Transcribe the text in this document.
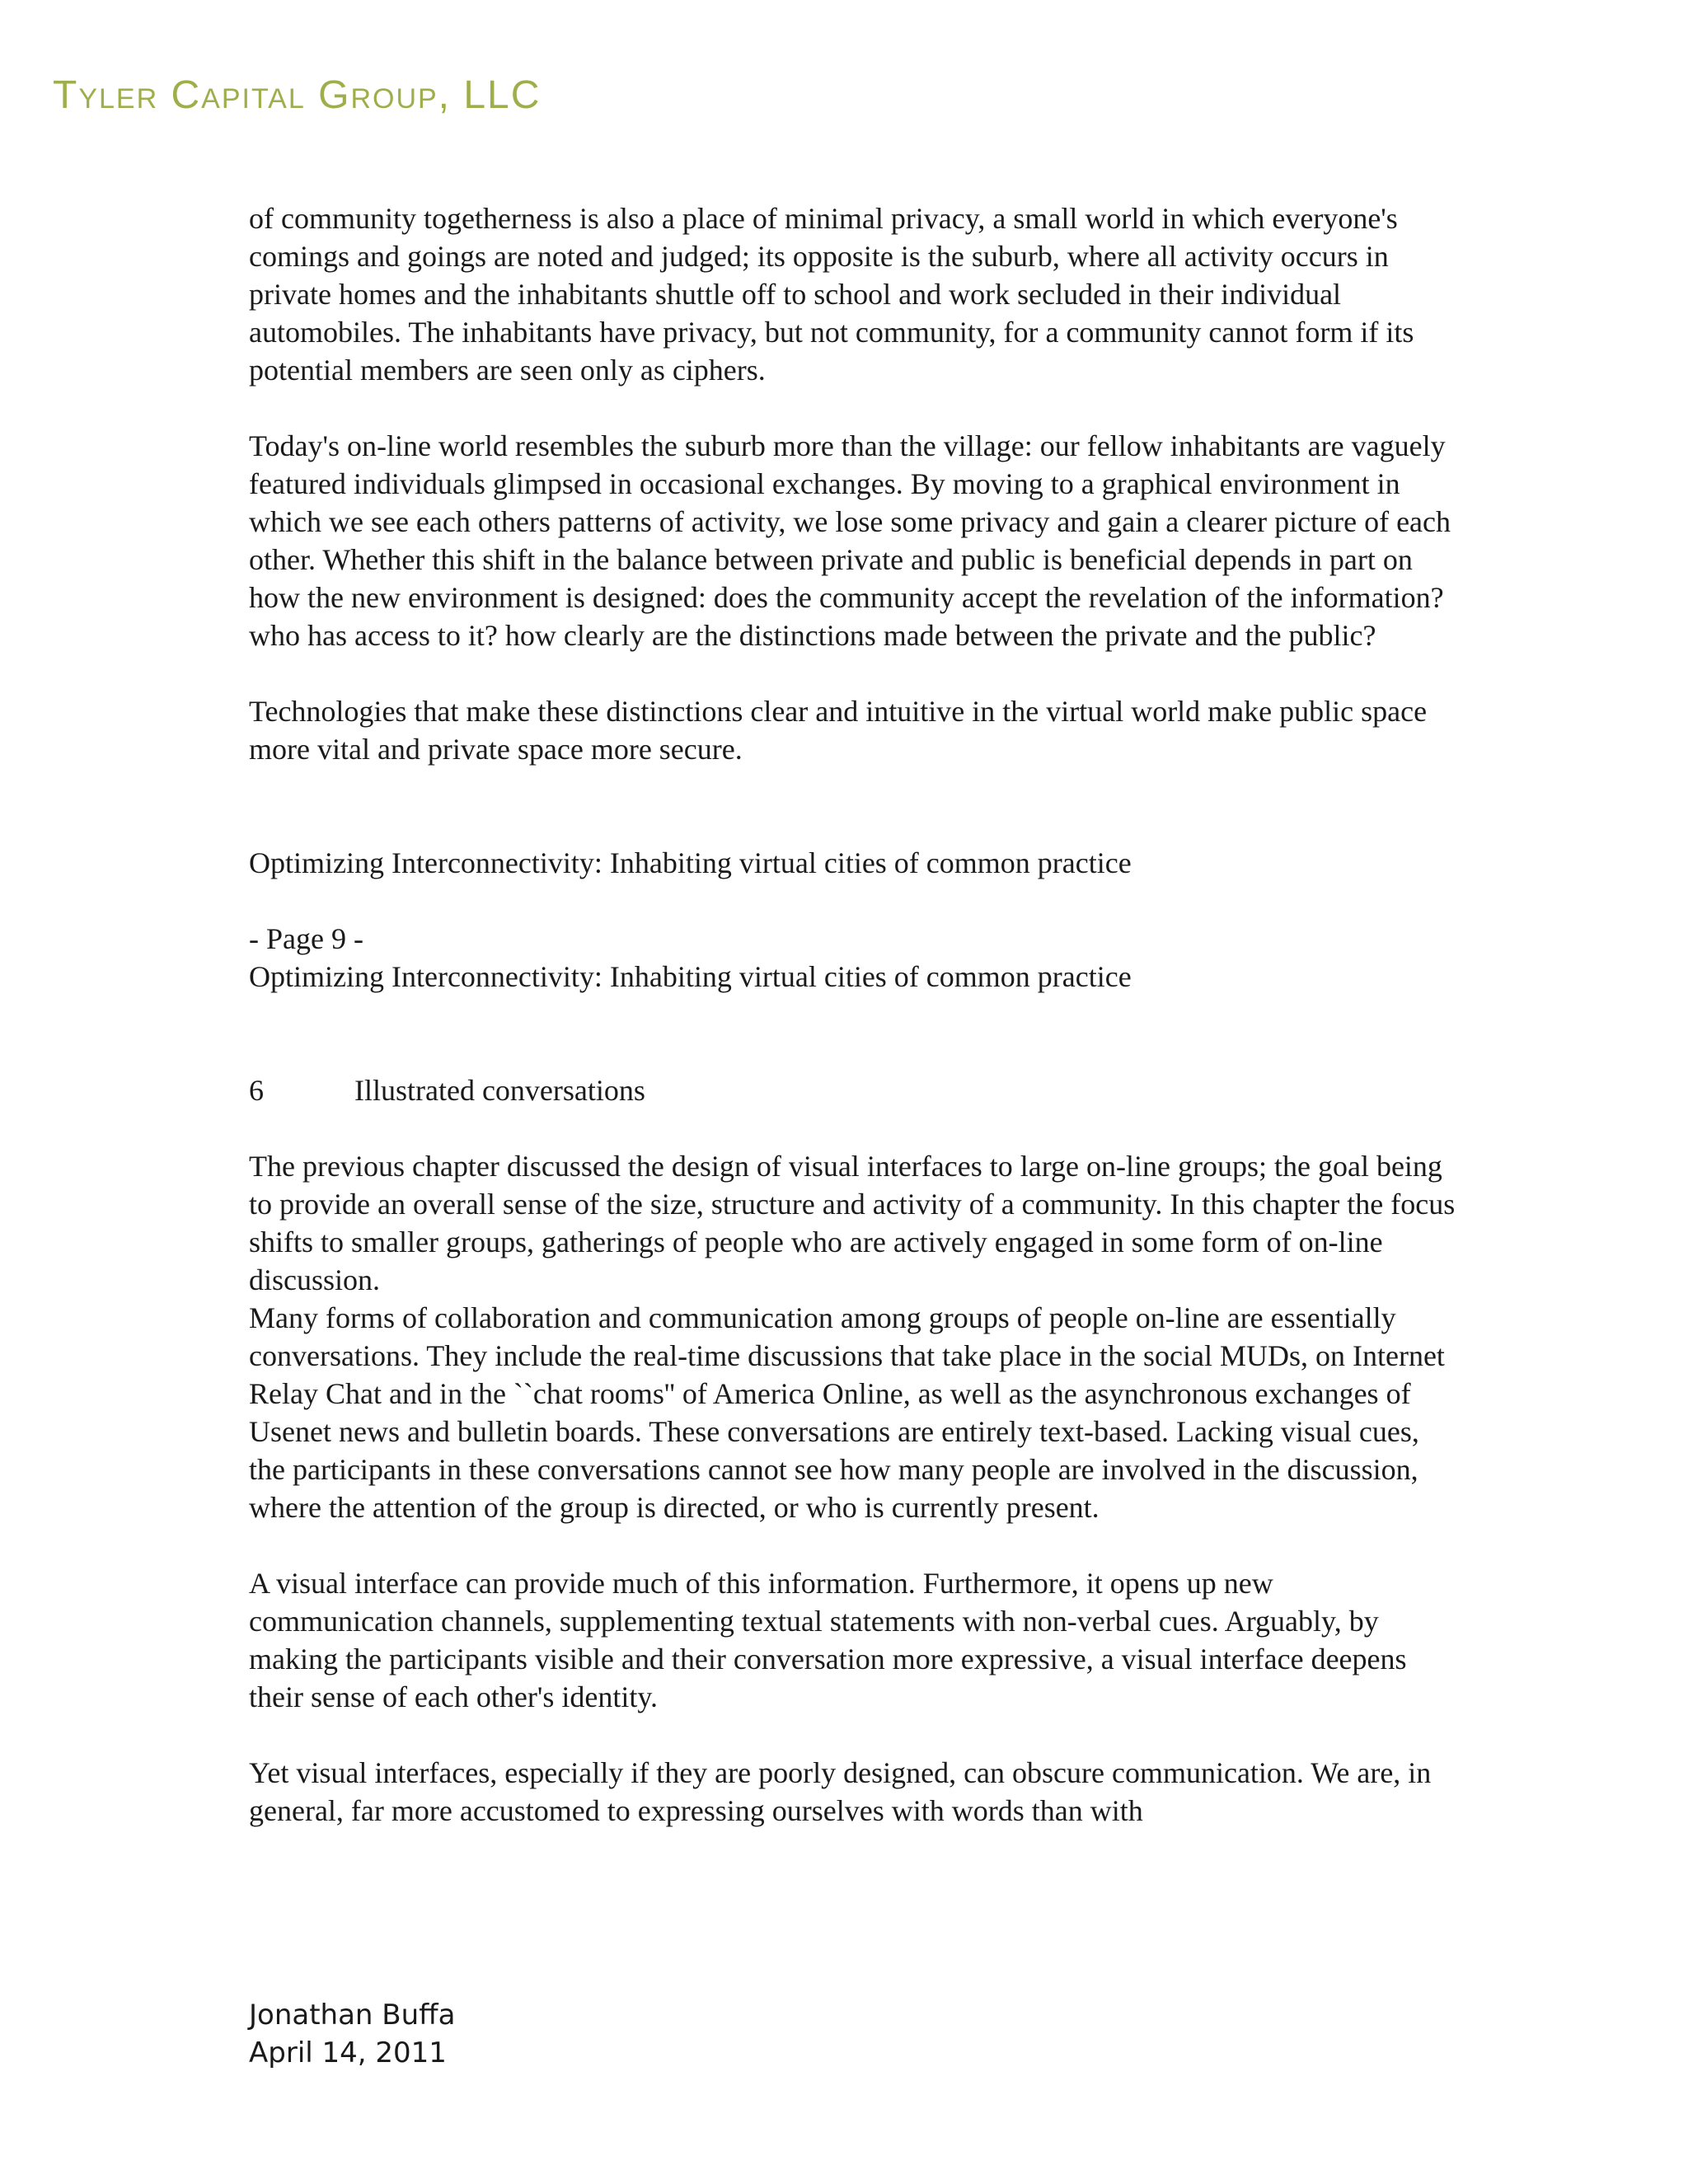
Tyler Capital Group, LLC

of community togetherness is also a place of minimal privacy, a small world in which everyone's comings and goings are noted and judged; its opposite is the suburb, where all activity occurs in private homes and the inhabitants shuttle off to school and work secluded in their individual automobiles. The inhabitants have privacy, but not community, for a community cannot form if its potential members are seen only as ciphers.

Today's on-line world resembles the suburb more than the village: our fellow inhabitants are vaguely featured individuals glimpsed in occasional exchanges. By moving to a graphical environment in which we see each others patterns of activity, we lose some privacy and gain a clearer picture of each other. Whether this shift in the balance between private and public is beneficial depends in part on how the new environment is designed: does the community accept the revelation of the information? who has access to it? how clearly are the distinctions made between the private and the public?

Technologies that make these distinctions clear and intuitive in the virtual world make public space more vital and private space more secure.

Optimizing Interconnectivity: Inhabiting virtual cities of common practice

- Page 9 -

Optimizing Interconnectivity: Inhabiting virtual cities of common practice

6	Illustrated conversations

The previous chapter discussed the design of visual interfaces to large on-line groups; the goal being to provide an overall sense of the size, structure and activity of a community. In this chapter the focus shifts to smaller groups, gatherings of people who are actively engaged in some form of on-line discussion.

Many forms of collaboration and communication among groups of people on-line are essentially conversations. They include the real-time discussions that take place in the social MUDs, on Internet Relay Chat and in the ``chat rooms'' of America Online, as well as the asynchronous exchanges of Usenet news and bulletin boards. These conversations are entirely text-based. Lacking visual cues, the participants in these conversations cannot see how many people are involved in the discussion, where the attention of the group is directed, or who is currently present.

A visual interface can provide much of this information. Furthermore, it opens up new communication channels, supplementing textual statements with non-verbal cues. Arguably, by making the participants visible and their conversation more expressive, a visual interface deepens their sense of each other's identity.

Yet visual interfaces, especially if they are poorly designed, can obscure communication. We are, in general, far more accustomed to expressing ourselves with words than with

Jonathan Buffa
April 14, 2011
